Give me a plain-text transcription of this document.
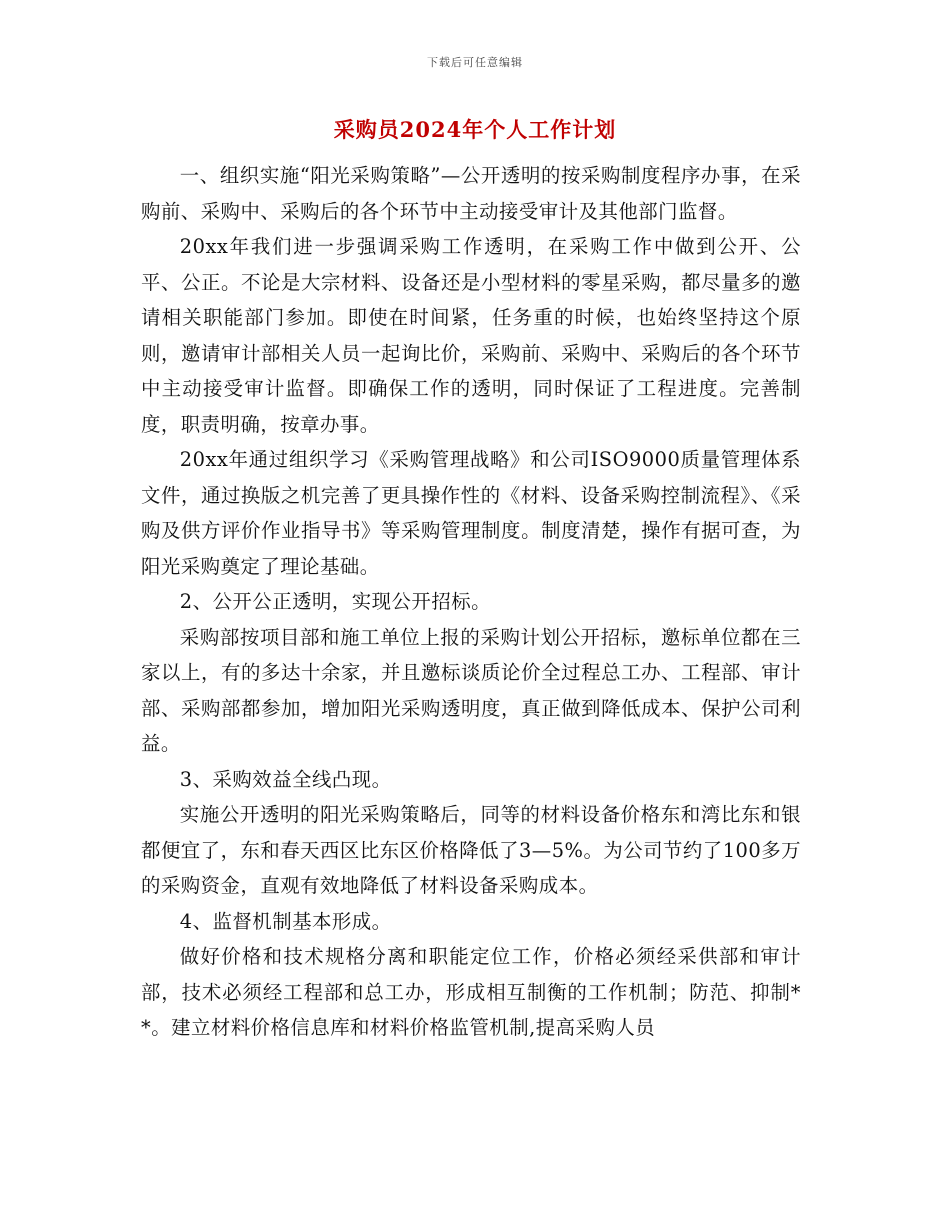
下载后可任意编辑
采购员2024年个人工作计划

一、组织实施“阳光采购策略”—公开透明的按采购制度程序办事，在采购前、采购中、采购后的各个环节中主动接受审计及其他部门监督。

20xx年我们进一步强调采购工作透明，在采购工作中做到公开、公平、公正。不论是大宗材料、设备还是小型材料的零星采购，都尽量多的邀请相关职能部门参加。即使在时间紧，任务重的时候，也始终坚持这个原则，邀请审计部相关人员一起询比价，采购前、采购中、采购后的各个环节中主动接受审计监督。即确保工作的透明，同时保证了工程进度。完善制度，职责明确，按章办事。

20xx年通过组织学习《采购管理战略》和公司ISO9000质量管理体系文件，通过换版之机完善了更具操作性的《材料、设备采购控制流程》、《采购及供方评价作业指导书》等采购管理制度。制度清楚，操作有据可查，为阳光采购奠定了理论基础。

2、公开公正透明，实现公开招标。

采购部按项目部和施工单位上报的采购计划公开招标，邀标单位都在三家以上，有的多达十余家，并且邀标谈质论价全过程总工办、工程部、审计部、采购部都参加，增加阳光采购透明度，真正做到降低成本、保护公司利益。

3、采购效益全线凸现。

实施公开透明的阳光采购策略后，同等的材料设备价格东和湾比东和银都便宜了，东和春天西区比东区价格降低了3—5%。为公司节约了100多万的采购资金，直观有效地降低了材料设备采购成本。

4、监督机制基本形成。

做好价格和技术规格分离和职能定位工作，价格必须经采供部和审计部，技术必须经工程部和总工办，形成相互制衡的工作机制；防范、抑制**。建立材料价格信息库和材料价格监管机制,提高采购人员
